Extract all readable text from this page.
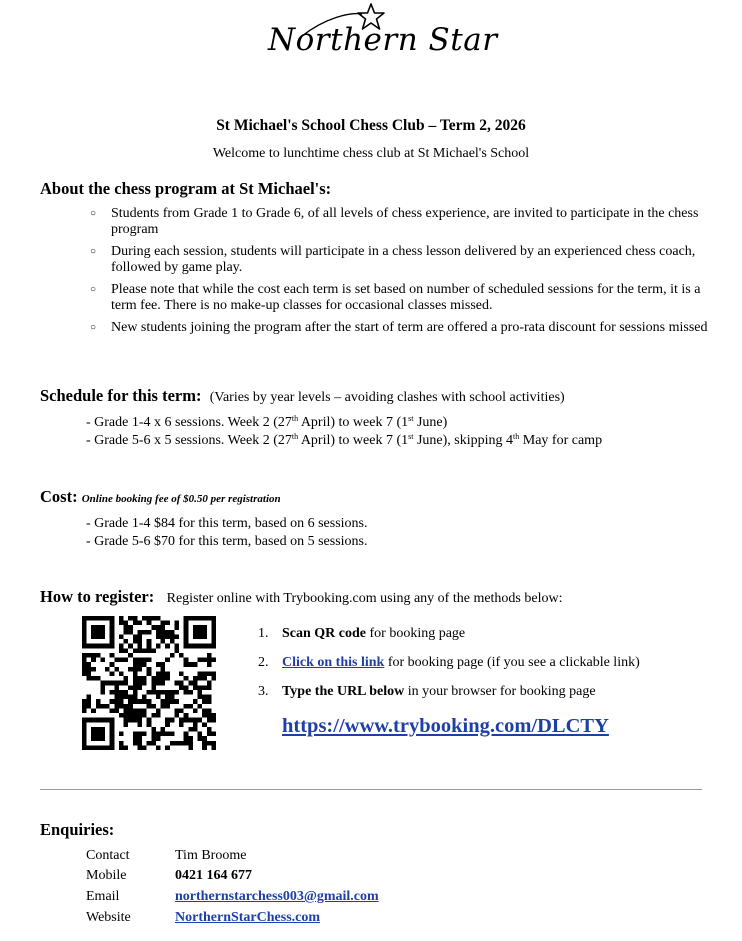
Northern Star
St Michael's School Chess Club – Term 2, 2026
Welcome to lunchtime chess club at St Michael's School
About the chess program at St Michael's:
○ Students from Grade 1 to Grade 6, of all levels of chess experience, are invited to participate in the chess program
○ During each session, students will participate in a chess lesson delivered by an experienced chess coach, followed by game play.
○ Please note that while the cost each term is set based on number of scheduled sessions for the term, it is a term fee. There is no make-up classes for occasional classes missed.
○ New students joining the program after the start of term are offered a pro-rata discount for sessions missed
Schedule for this term: (Varies by year levels – avoiding clashes with school activities)
- Grade 1-4 x 6 sessions. Week 2 (27th April) to week 7 (1st June)
- Grade 5-6 x 5 sessions. Week 2 (27th April) to week 7 (1st June), skipping 4th May for camp
Cost: Online booking fee of $0.50 per registration
- Grade 1-4 $84 for this term, based on 6 sessions.
- Grade 5-6 $70 for this term, based on 5 sessions.
How to register: Register online with Trybooking.com using any of the methods below:
1. Scan QR code for booking page
2. Click on this link for booking page (if you see a clickable link)
3. Type the URL below in your browser for booking page
https://www.trybooking.com/DLCTY
Enquiries:
Contact	Tim Broome
Mobile	0421 164 677
Email	northernstarchess003@gmail.com
Website	NorthernStarChess.com
